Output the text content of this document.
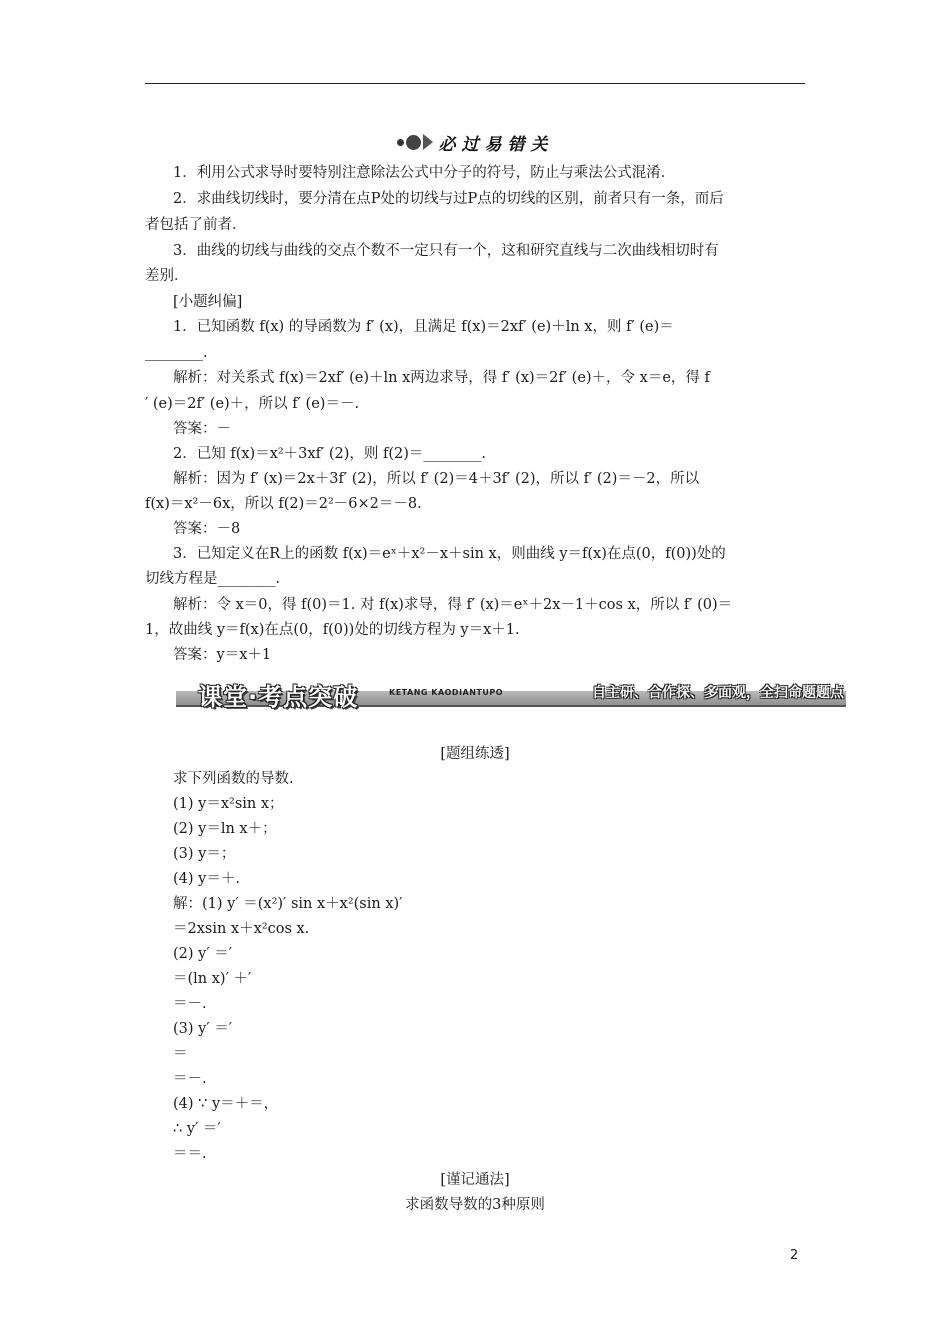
必过易错关
1．利用公式求导时要特别注意除法公式中分子的符号，防止与乘法公式混淆．
2．求曲线切线时，要分清在点P处的切线与过P点的切线的区别，前者只有一条，而后
者包括了前者．
3．曲线的切线与曲线的交点个数不一定只有一个，这和研究直线与二次曲线相切时有
差别．
[小题纠偏]
1．已知函数 f(x) 的导函数为 f′ (x)，且满足 f(x)＝2xf′ (e)＋ln x，则 f′ (e)＝
________.
解析：对关系式 f(x)＝2xf′ (e)＋ln x两边求导，得 f′ (x)＝2f′ (e)＋，令 x＝e，得 f
′ (e)＝2f′ (e)＋，所以 f′ (e)＝－.
答案：－
2．已知 f(x)＝x²＋3xf′ (2)，则 f(2)＝________.
解析：因为 f′ (x)＝2x＋3f′ (2)，所以 f′ (2)＝4＋3f′ (2)，所以 f′ (2)＝－2，所以
f(x)＝x²－6x，所以 f(2)＝2²－6×2＝－8.
答案：－8
3．已知定义在R上的函数 f(x)＝eˣ＋x²－x＋sin x，则曲线 y＝f(x)在点(0，f(0))处的
切线方程是________.
解析：令 x＝0，得 f(0)＝1. 对 f(x)求导，得 f′ (x)＝eˣ＋2x－1＋cos x，所以 f′ (0)＝
1，故曲线 y＝f(x)在点(0，f(0))处的切线方程为 y＝x＋1.
答案：y＝x＋1
课堂·考点突破	KETANG KAODIANTUPO	自主研、合作探、多面观，全扫命题题点
[题组练透]
求下列函数的导数.
(1) y＝x²sin x；
(2) y＝ln x＋；
(3) y＝；
(4) y＝＋.
解：(1) y′ ＝(x²)′ sin x＋x²(sin x)′
＝2xsin x＋x²cos x.
(2) y′ ＝′
＝(ln x)′ ＋′
＝－.
(3) y′ ＝′
＝
＝－.
(4) ∵ y＝＋＝，
∴ y′ ＝′
＝＝.
[谨记通法]
求函数导数的3种原则
2
